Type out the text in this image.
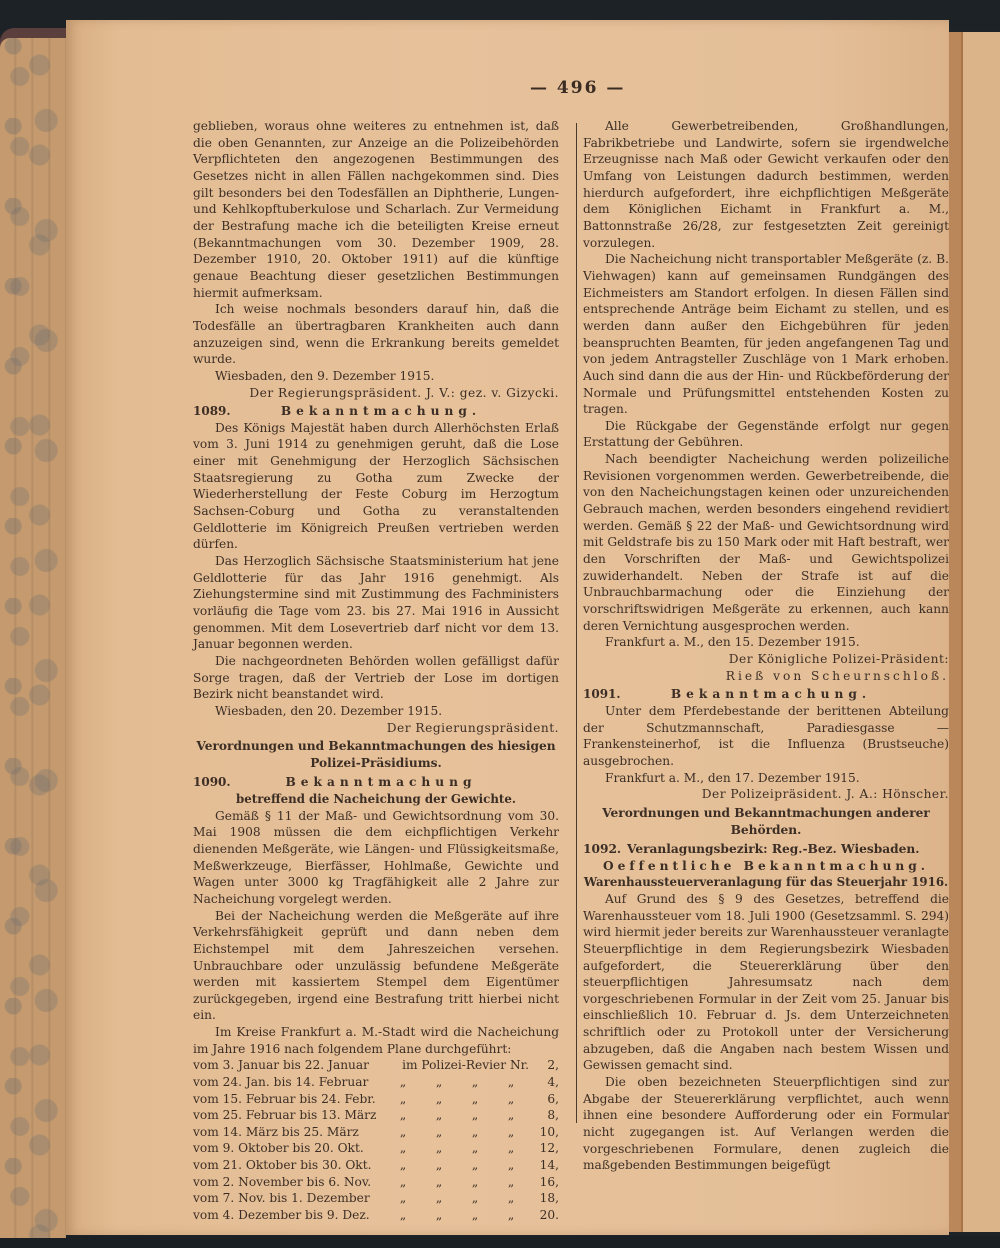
— 496 —

geblieben, woraus ohne weiteres zu entnehmen ist, daß die oben Genannten, zur Anzeige an die Polizeibehörden Verpflichteten den angezogenen Bestimmungen des Gesetzes nicht in allen Fällen nachgekommen sind. Dies gilt besonders bei den Todesfällen an Diphtherie, Lungen- und Kehlkopftuberkulose und Scharlach. Zur Vermeidung der Bestrafung mache ich die beteiligten Kreise erneut (Bekanntmachungen vom 30. Dezember 1909, 28. Dezember 1910, 20. Oktober 1911) auf die künftige genaue Beachtung dieser gesetzlichen Bestimmungen hiermit aufmerksam.

Ich weise nochmals besonders darauf hin, daß die Todesfälle an übertragbaren Krankheiten auch dann anzuzeigen sind, wenn die Erkrankung bereits gemeldet wurde.

Wiesbaden, den 9. Dezember 1915.

Der Regierungspräsident. J. V.: gez. v. Gizycki.

1089.	Bekanntmachung.

Des Königs Majestät haben durch Allerhöchsten Erlaß vom 3. Juni 1914 zu genehmigen geruht, daß die Lose einer mit Genehmigung der Herzoglich Sächsischen Staatsregierung zu Gotha zum Zwecke der Wiederherstellung der Feste Coburg im Herzogtum Sachsen-Coburg und Gotha zu veranstaltenden Geldlotterie im Königreich Preußen vertrieben werden dürfen.

Das Herzoglich Sächsische Staatsministerium hat jene Geldlotterie für das Jahr 1916 genehmigt. Als Ziehungstermine sind mit Zustimmung des Fachministers vorläufig die Tage vom 23. bis 27. Mai 1916 in Aussicht genommen. Mit dem Losevertrieb darf nicht vor dem 13. Januar begonnen werden.

Die nachgeordneten Behörden wollen gefälligst dafür Sorge tragen, daß der Vertrieb der Lose im dortigen Bezirk nicht beanstandet wird.

Wiesbaden, den 20. Dezember 1915.

Der Regierungspräsident.

Verordnungen und Bekanntmachungen des hiesigen Polizei-Präsidiums.

1090.	Bekanntmachung

betreffend die Nacheichung der Gewichte.

Gemäß § 11 der Maß- und Gewichtsordnung vom 30. Mai 1908 müssen die dem eichpflichtigen Verkehr dienenden Meßgeräte, wie Längen- und Flüssigkeitsmaße, Meßwerkzeuge, Bierfässer, Hohlmaße, Gewichte und Wagen unter 3000 kg Tragfähigkeit alle 2 Jahre zur Nacheichung vorgelegt werden.

Bei der Nacheichung werden die Meßgeräte auf ihre Verkehrsfähigkeit geprüft und dann neben dem Eichstempel mit dem Jahreszeichen versehen. Unbrauchbare oder unzulässig befundene Meßgeräte werden mit kassiertem Stempel dem Eigentümer zurückgegeben, irgend eine Bestrafung tritt hierbei nicht ein.

Im Kreise Frankfurt a. M.-Stadt wird die Nacheichung im Jahre 1916 nach folgendem Plane durchgeführt:

vom 3. Januar bis 22. Januar	im Polizei-Revier Nr.				2,
vom 24. Jan. bis 14. Februar	„	„	„	„	4,
vom 15. Februar bis 24. Febr.	„	„	„	„	6,
vom 25. Februar bis 13. März	„	„	„	„	8,
vom 14. März bis 25. März	„	„	„	„	10,
vom 9. Oktober bis 20. Okt.	„	„	„	„	12,
vom 21. Oktober bis 30. Okt.	„	„	„	„	14,
vom 2. November bis 6. Nov.	„	„	„	„	16,
vom 7. Nov. bis 1. Dezember	„	„	„	„	18,
vom 4. Dezember bis 9. Dez.	„	„	„	„	20.

Alle Gewerbetreibenden, Großhandlungen, Fabrikbetriebe und Landwirte, sofern sie irgendwelche Erzeugnisse nach Maß oder Gewicht verkaufen oder den Umfang von Leistungen dadurch bestimmen, werden hierdurch aufgefordert, ihre eichpflichtigen Meßgeräte dem Königlichen Eichamt in Frankfurt a. M., Battonnstraße 26/28, zur festgesetzten Zeit gereinigt vorzulegen.

Die Nacheichung nicht transportabler Meßgeräte (z. B. Viehwagen) kann auf gemeinsamen Rundgängen des Eichmeisters am Standort erfolgen. In diesen Fällen sind entsprechende Anträge beim Eichamt zu stellen, und es werden dann außer den Eichgebühren für jeden beanspruchten Beamten, für jeden angefangenen Tag und von jedem Antragsteller Zuschläge von 1 Mark erhoben. Auch sind dann die aus der Hin- und Rückbeförderung der Normale und Prüfungsmittel entstehenden Kosten zu tragen.

Die Rückgabe der Gegenstände erfolgt nur gegen Erstattung der Gebühren.

Nach beendigter Nacheichung werden polizeiliche Revisionen vorgenommen werden. Gewerbetreibende, die von den Nacheichungstagen keinen oder unzureichenden Gebrauch machen, werden besonders eingehend revidiert werden. Gemäß § 22 der Maß- und Gewichtsordnung wird mit Geldstrafe bis zu 150 Mark oder mit Haft bestraft, wer den Vorschriften der Maß- und Gewichtspolizei zuwiderhandelt. Neben der Strafe ist auf die Unbrauchbarmachung oder die Einziehung der vorschriftswidrigen Meßgeräte zu erkennen, auch kann deren Vernichtung ausgesprochen werden.

Frankfurt a. M., den 15. Dezember 1915.

Der Königliche Polizei-Präsident:

Rieß von Scheurnschloß.

1091.	Bekanntmachung.

Unter dem Pferdebestande der berittenen Abteilung der Schutzmannschaft, Paradiesgasse — Frankensteinerhof, ist die Influenza (Brustseuche) ausgebrochen.

Frankfurt a. M., den 17. Dezember 1915.

Der Polizeipräsident. J. A.: Hönscher.

Verordnungen und Bekanntmachungen anderer Behörden.

1092. Veranlagungsbezirk: Reg.-Bez. Wiesbaden.

Oeffentliche Bekanntmachung.

Warenhaussteuerveranlagung für das Steuerjahr 1916.

Auf Grund des § 9 des Gesetzes, betreffend die Warenhaussteuer vom 18. Juli 1900 (Gesetzsamml. S. 294) wird hiermit jeder bereits zur Warenhaussteuer veranlagte Steuerpflichtige in dem Regierungsbezirk Wiesbaden aufgefordert, die Steuererklärung über den steuerpflichtigen Jahresumsatz nach dem vorgeschriebenen Formular in der Zeit vom 25. Januar bis einschließlich 10. Februar d. Js. dem Unterzeichneten schriftlich oder zu Protokoll unter der Versicherung abzugeben, daß die Angaben nach bestem Wissen und Gewissen gemacht sind.

Die oben bezeichneten Steuerpflichtigen sind zur Abgabe der Steuererklärung verpflichtet, auch wenn ihnen eine besondere Aufforderung oder ein Formular nicht zugegangen ist. Auf Verlangen werden die vorgeschriebenen Formulare, denen zugleich die maßgebenden Bestimmungen beigefügt
